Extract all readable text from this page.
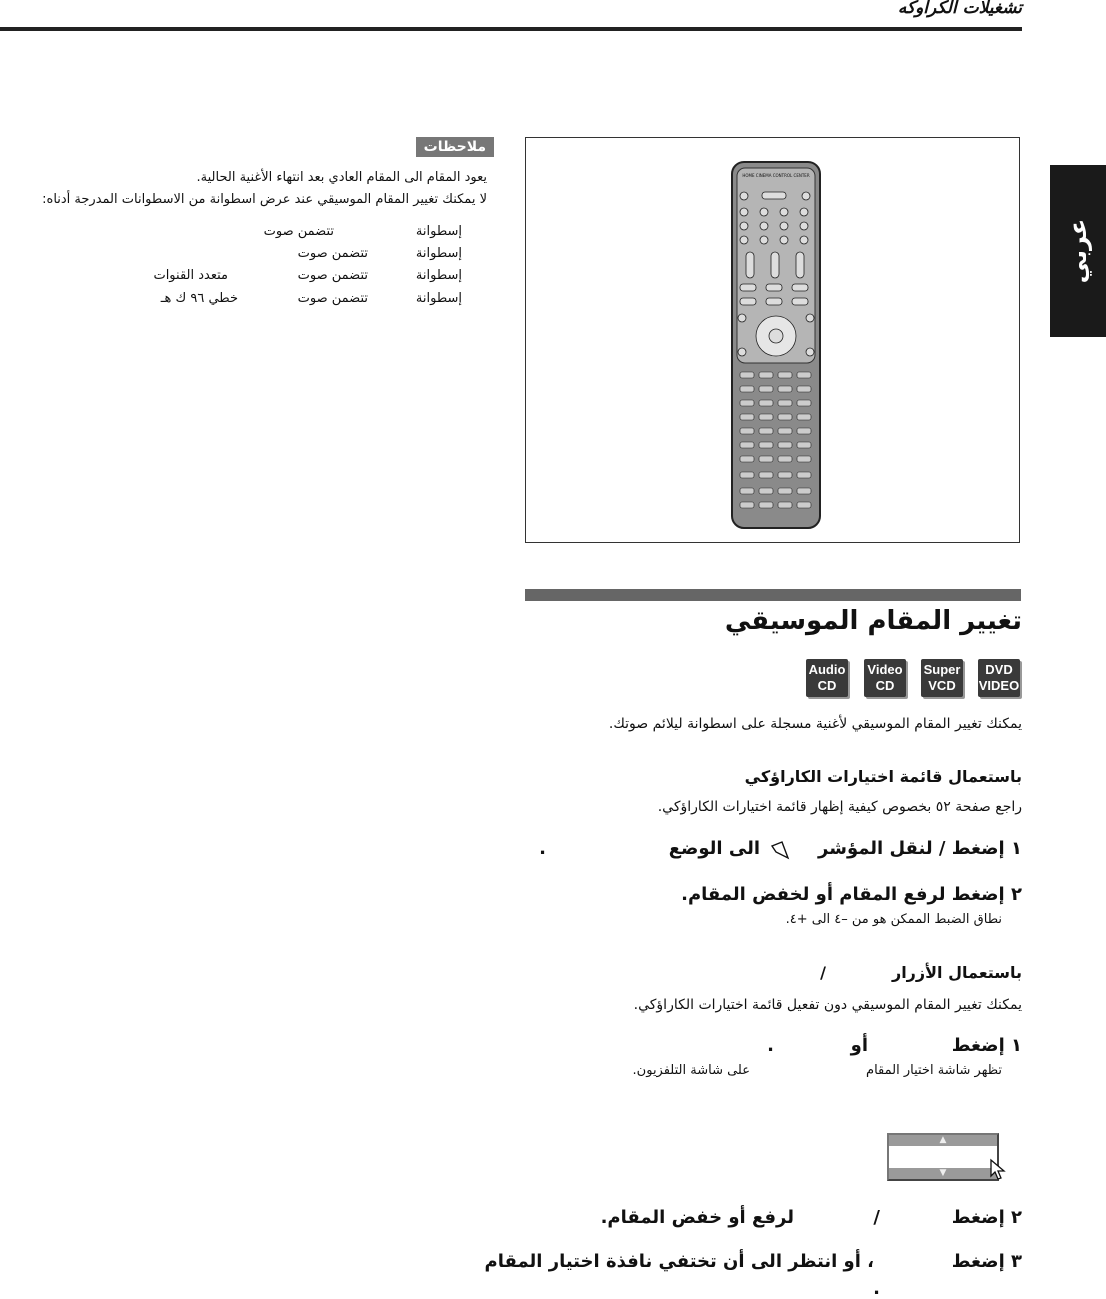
تشغيلات الكراوكه
عربي
ملاحظات
يعود المقام الى المقام العادي بعد انتهاء الأغنية الحالية.
لا يمكنك تغيير المقام الموسيقي عند عرض اسطوانة من الاسطوانات المدرجة أدناه:
إسطوانة
تتضمن صوت
إسطوانة
تتضمن صوت
إسطوانة
تتضمن صوت
متعدد القنوات
إسطوانة
تتضمن صوت
خطي ٩٦ ك هـ
HOME CINEMA CONTROL CENTER
تغيير المقام الموسيقي
DVD
VIDEO
Super
VCD
Video
CD
Audio
CD
يمكنك تغيير المقام الموسيقي لأغنية مسجلة على اسطوانة ليلائم صوتك.
باستعمال قائمة اختيارات الكاراؤكي
راجع صفحة ٥٢ بخصوص كيفية إظهار قائمة اختيارات الكاراؤكي.
١ إضغط / لنقل المؤشر
الى الوضع
.
٢ إضغط لرفع المقام أو لخفض المقام.
نطاق الضبط الممكن هو من –٤ الى +٤.
باستعمال الأزرار
/
يمكنك تغيير المقام الموسيقي دون تفعيل قائمة اختيارات الكاراؤكي.
١ إضغط
أو
.
تظهر شاشة اختيار المقام
على شاشة التلفزيون.
▲
▼
٢ إضغط
/
لرفع أو خفض المقام.
٣ إضغط
، أو انتظر الى أن تختفي نافذة اختيار المقام
.
